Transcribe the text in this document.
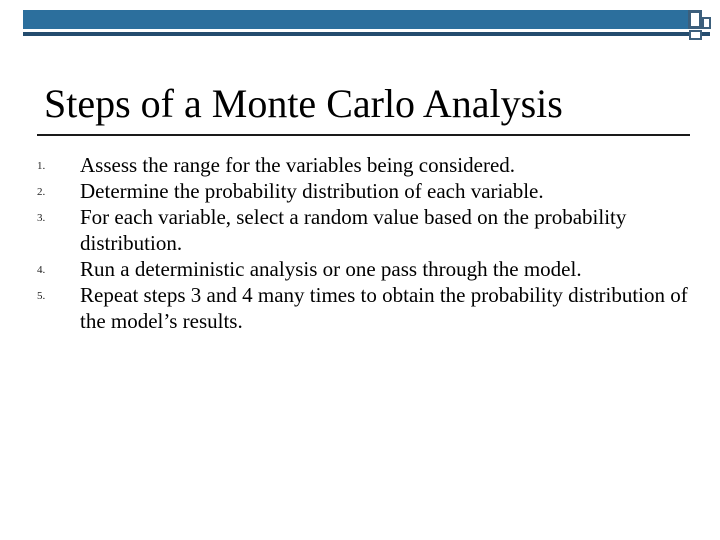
Steps of a Monte Carlo Analysis
1. Assess the range for the variables being considered.
2. Determine the probability distribution of each variable.
3. For each variable, select a random value based on the probability distribution.
4. Run a deterministic analysis or one pass through the model.
5. Repeat steps 3 and 4 many times to obtain the probability distribution of the model’s results.
